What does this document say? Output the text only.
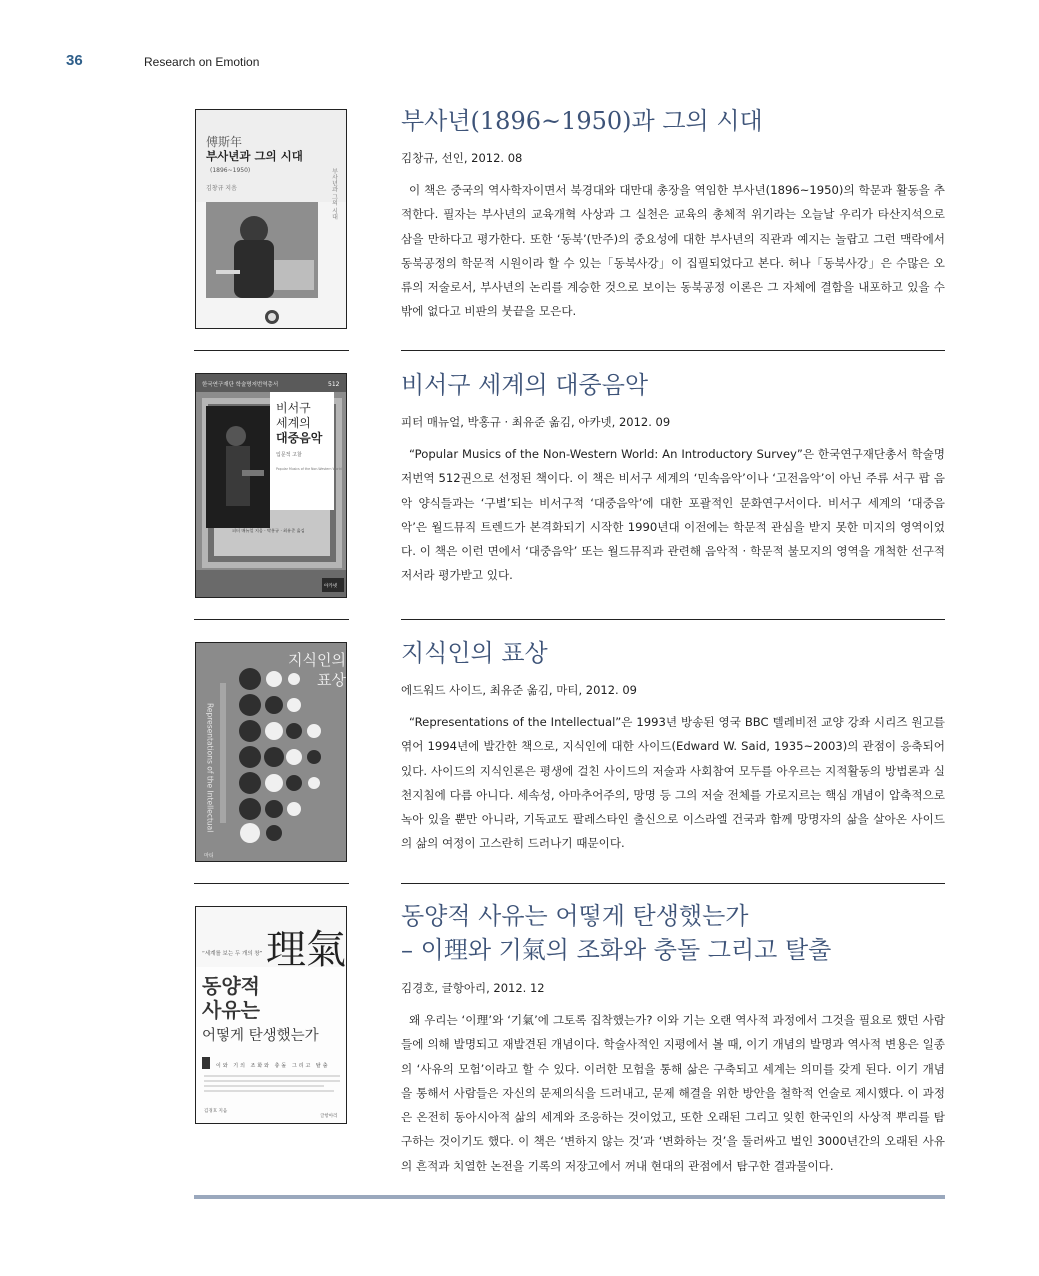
36	Research on Emotion
傅斯年
부사년과 그의 시대
(1896~1950)
김창규 지음	부사년과 그의 시대
부사년(1896~1950)과 그의 시대
김창규, 선인, 2012. 08

이 책은 중국의 역사학자이면서 북경대와 대만대 총장을 역임한 부사년(1896~1950)의 학문과 활동을 추적한다. 필자는 부사년의 교육개혁 사상과 그 실천은 교육의 총체적 위기라는 오늘날 우리가 타산지석으로 삼을 만하다고 평가한다. 또한 ‘동북’(만주)의 중요성에 대한 부사년의 직관과 예지는 놀랍고 그런 맥락에서 동북공정의 학문적 시원이라 할 수 있는「동북사강」이 집필되었다고 본다. 허나「동북사강」은 수많은 오류의 저술로서, 부사년의 논리를 계승한 것으로 보이는 동북공정 이론은 그 자체에 결함을 내포하고 있을 수밖에 없다고 비판의 붓끝을 모은다.

한국연구재단 학술명저번역총서	512
비서구
세계의
대중음악
입문적 고찰
Popular Musics of the Non-Western World
피터 매뉴얼 지음 · 박홍규 · 최유준 옮김
아카넷
비서구 세계의 대중음악
피터 매뉴얼, 박홍규 · 최유준 옮김, 아카넷, 2012. 09

“Popular Musics of the Non-Western World: An Introductory Survey”은 한국연구재단총서 학술명저번역 512권으로 선정된 책이다. 이 책은 비서구 세계의 ‘민속음악’이나 ‘고전음악’이 아닌 주류 서구 팝 음악 양식들과는 ‘구별’되는 비서구적 ‘대중음악’에 대한 포괄적인 문화연구서이다. 비서구 세계의 ‘대중음악’은 월드뮤직 트렌드가 본격화되기 시작한 1990년대 이전에는 학문적 관심을 받지 못한 미지의 영역이었다. 이 책은 이런 면에서 ‘대중음악’ 또는 월드뮤직과 관련해 음악적 · 학문적 불모지의 영역을 개척한 선구적 저서라 평가받고 있다.

지식인의
표상
Representations of the Intellectual
마티
지식인의 표상
에드워드 사이드, 최유준 옮김, 마티, 2012. 09

“Representations of the Intellectual”은 1993년 방송된 영국 BBC 텔레비전 교양 강좌 시리즈 원고를 엮어 1994년에 발간한 책으로, 지식인에 대한 사이드(Edward W. Said, 1935~2003)의 관점이 응축되어 있다. 사이드의 지식인론은 평생에 걸친 사이드의 저술과 사회참여 모두를 아우르는 지적활동의 방법론과 실천지침에 다름 아니다. 세속성, 아마추어주의, 망명 등 그의 저술 전체를 가로지르는 핵심 개념이 압축적으로 녹아 있을 뿐만 아니라, 기독교도 팔레스타인 출신으로 이스라엘 건국과 함께 망명자의 삶을 살아온 사이드의 삶의 여정이 고스란히 드러나기 때문이다.

理氣
“세계를 보는 두 개의 창”
동양적
사유는
어떻게 탄생했는가
이와 기의 조화와 충돌 그리고 탈출
김경호 지음
글항아리
동양적 사유는 어떻게 탄생했는가
– 이理와 기氣의 조화와 충돌 그리고 탈출
김경호, 글항아리, 2012. 12

왜 우리는 ‘이理’와 ‘기氣’에 그토록 집착했는가? 이와 기는 오랜 역사적 과정에서 그것을 필요로 했던 사람들에 의해 발명되고 재발견된 개념이다. 학술사적인 지평에서 볼 때, 이기 개념의 발명과 역사적 변용은 일종의 ‘사유의 모험’이라고 할 수 있다. 이러한 모험을 통해 삶은 구축되고 세계는 의미를 갖게 된다. 이기 개념을 통해서 사람들은 자신의 문제의식을 드러내고, 문제 해결을 위한 방안을 철학적 언술로 제시했다. 이 과정은 온전히 동아시아적 삶의 세계와 조응하는 것이었고, 또한 오래된 그리고 잊힌 한국인의 사상적 뿌리를 탐구하는 것이기도 했다. 이 책은 ‘변하지 않는 것’과 ‘변화하는 것’을 둘러싸고 벌인 3000년간의 오래된 사유의 흔적과 치열한 논전을 기록의 저장고에서 꺼내 현대의 관점에서 탐구한 결과물이다.
